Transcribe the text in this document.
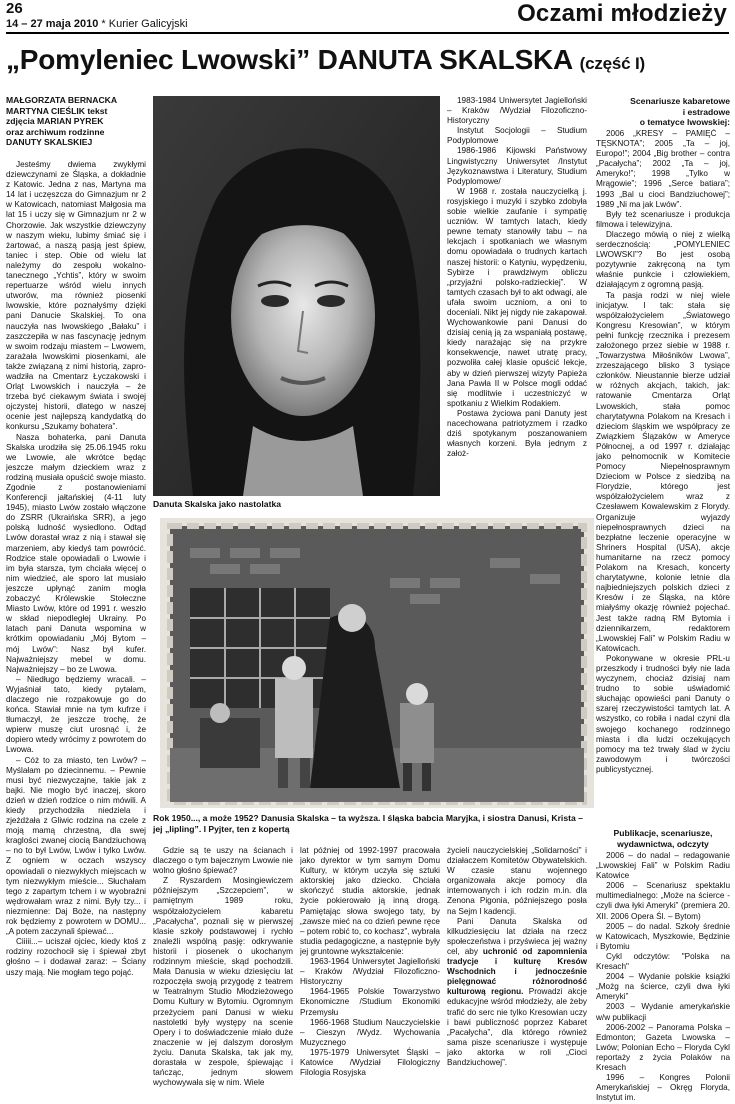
26
14 – 27 maja 2010 * Kurier Galicyjski	Oczami młodzieży
„Pomyleniec Lwowski” DANUTA SKALSKA (część I)
MAŁGORZATA BERNACKA
MARTYNA CIEŚLIK tekst
zdjęcia MARIAN PYREK
oraz archiwum rodzinne
DANUTY SKALSKIEJ

Jesteśmy dwiema zwykłymi dziewczynami ze Śląska, a dokładnie z Katowic. Jedna z nas, Martyna ma 14 lat i uczęszcza do Gimnazjum nr 2 w Katowicach, natomiast Małgosia ma lat 15 i uczy się w Gimnazjum nr 2 w Chorzowie. Jak wszystkie dziewczyny w naszym wieku, lubimy śmiać się i żartować, a naszą pasją jest śpiew, taniec i step. Obie od wielu lat należymy do zespołu wokalno-tanecznego „Ychtis”, który w swoim repertuarze wśród wielu innych utworów, ma również piosenki lwowskie, które poznałyśmy dzięki pani Danucie Skalskiej. To ona nauczyła nas lwowskiego „Bałaku” i zaszczepiła w nas fascynację jednym w swoim rodzaju miastem – Lwowem, zarażała lwowskimi piosenkami, ale także związaną z nimi historią, zaprowadziła na Cmentarz Łyczakowski i Orląt Lwowskich i nauczyła – że trzeba być ciekawym świata i swojej ojczystej historii, dlatego w naszej ocenie jest najlepszą kandydatką do konkursu „Szukamy bohatera”.

Nasza bohaterka, pani Danuta Skalska urodziła się 25.06.1945 roku we Lwowie, ale wkrótce będąc jeszcze małym dzieckiem wraz z rodziną musiała opuścić swoje miasto. Zgodnie z postanowieniami Konferencji jałtańskiej (4-11 luty 1945), miasto Lwów zostało włączone do ZSRR (Ukraińska SRR), a jego polską ludność wysiedlono. Odtąd Lwów dorastał wraz z nią i stawał się marzeniem, aby kiedyś tam powrócić. Rodzice stale opowiadali o Lwowie i im była starsza, tym chciała więcej o nim wiedzieć, ale sporo lat musiało jeszcze upłynąć zanim mogła zobaczyć Królewskie Stołeczne Miasto Lwów, które od 1991 r. weszło w skład niepodległej Ukrainy. Po latach pani Danuta wspomina w krótkim opowiadaniu „Mój Bytom – mój Lwów”: Nasz był kufer. Najważniejszy mebel w domu. Najważniejszy – bo ze Lwowa.

– Niedługo będziemy wracali. – Wyjaśniał tato, kiedy pytałam, dlaczego nie rozpakowuje go do końca. Stawiał mnie na tym kufrze i tłumaczył, że jeszcze trochę, że wpierw muszę ciut urosnąć i, że dopiero wtedy wrócimy z powrotem do Lwowa.

– Cóż to za miasto, ten Lwów? – Myślałam po dziecinnemu. – Pewnie musi być niezwyczajne, takie jak z bajki. Nie mogło być inaczej, skoro dzień w dzień rodzice o nim mówili. A kiedy przychodziła niedziela i zjeżdżała z Gliwic rodzina na czele z moją mamą chrzestną, dla swej kraglości zwanej ciocią Bandziuchową – no to był Lwów, Lwów i tylko Lwów. Z ogniem w oczach wszyscy opowiadali o niezwykłych miejscach w tym niezwykłym mieście... Słuchałam tego z zapartym tchem i w wyobraźni wędrowałam wraz z nimi. Były tzy... i niezmienne: Daj Boże, na następny rok będziemy z powrotem w DOMU... „A potem zaczynali śpiewać...

Ciiiii...– uciszał ojciec, kiedy ktoś z rodziny rozochocił się i śpiewał zbyt głośno – i dodawał zaraz: – Ściany uszy mają. Nie mogłam tego pojąć.

Danuta Skalska jako nastolatka

1983-1984 Uniwersytet Jagielloński – Kraków /Wydział Filozoficzno-Historyczny

Instytut Socjologii – Studium Podyplomowe

1986-1986 Kijowski Państwowy Lingwistyczny Uniwersytet /Instytut Językoznawstwa i Literatury, Studium Podyplomowe/

W 1968 r. została nauczycielką j. rosyjskiego i muzyki i szybko zdobyła sobie wielkie zaufanie i sympatię uczniów. W tamtych latach, kiedy pewne tematy stanowiły tabu – na lekcjach i spotkaniach we własnym domu opowiadała o trudnych kartach naszej historii: o Katyniu, wypędzeniu, Sybirze i prawdziwym obliczu „przyjaźni polsko-radzieckiej”. W tamtych czasach był to akt odwagi, ale ufała swoim uczniom, a oni to doceniali. Nikt jej nigdy nie zakapował. Wychowankowie pani Danusi do dzisiaj cenią ją za wspaniałą postawę, kiedy narażając się na przykre konsekwencje, nawet utratę pracy, pozwoliła całej klasie opuścić lekcje, aby w dzień pierwszej wizyty Papieża Jana Pawła II w Polsce mogli oddać się modlitwie i uczestniczyć w spotkaniu z Wielkim Rodakiem.

Postawa życiowa pani Danuty jest nacechowana patriotyzmem i rzadko dziś spotykanym poszanowaniem własnych korzeni. Była jednym z założ-

Scenariusze kabaretowe
i estradowe
o tematyce lwowskiej:

2006 „KRESY – PAMIĘĆ – TĘSKNOTA”; 2005 „Ta – joj, Europo!”; 2004 „Big brother – contra „Pacałycha”; 2002 „Ta – joj, Ameryko!”; 1998 „Tylko w Mrągowie”; 1996 „Serce batiara”; 1993 „Bal u cioci Bandziuchowej”; 1989 „Ni ma jak Lwów”.

Były też scenariusze i produkcja filmowa i telewizyjna.

Dlaczego mówią o niej z wielką serdecznością: „POMYLENIEC LWOWSKI”? Bo jest osobą pozytywnie zakręconą na tym właśnie punkcie i człowiekiem, działającym z ogromną pasją.

Ta pasja rodzi w niej wiele inicjatyw. I tak: stała się współzałożycielem „Światowego Kongresu Kresowian”, w którym pełni funkcję rzecznika i prezesem założonego przez siebie w 1988 r. „Towarzystwa Miłośników Lwowa”, zrzeszającego blisko 3 tysiące członków. Nieustannie bierze udział w różnych akcjach, takich, jak: ratowanie Cmentarza Orląt Lwowskich, stała pomoc charytatywna Polakom na Kresach i dzieciom śląskim we współpracy ze Związkiem Ślązaków w Ameryce Północnej, a od 1997 r. działając jako pełnomocnik w Komitecie Pomocy Niepełnosprawnym Dzieciom w Polsce z siedzibą na Florydzie, którego jest współzałożycielem wraz z Czesławem Kowalewskim z Florydy. Organizuje wyjazdy niepełnosprawnych dzieci na bezpłatne leczenie operacyjne w Shriners Hospital (USA), akcje humanitarne na rzecz pomocy Polakom na Kresach, koncerty charytatywne, kolonie letnie dla najbiedniejszych polskich dzieci z Kresów i ze Śląska, na które miałyśmy okazję również pojechać. Jest także radną RM Bytomia i dziennikarzem, redaktorem „Lwowskiej Fali” w Polskim Radiu w Katowicach.

Pokonywane w okresie PRL-u przeszkody i trudności były nie lada wyczynem, chociaż dzisiaj nam trudno to sobie uświadomić słuchając opowieści pani Danuty o szarej rzeczywistości tamtych lat. A wszystko, co robiła i nadal czyni dla swojego kochanego rodzinnego miasta i dla ludzi oczekujących pomocy ma też trwały ślad w życiu zawodowym i twórczości publicystycznej.

Rok 1950..., a może 1952? Danusia Skalska – ta wyższa. I śląska babcia Maryjka, i siostra Danusi, Krista – jej „lipling”. I Pyjter, ten z kopertą

Gdzie są te uszy na ścianach i dlaczego o tym bajecznym Lwowie nie wolno głośno śpiewać?

Z Ryszardem Mosingiewiczem późniejszym „Szczepciem”, w pamiętnym 1989 roku, współzałożycielem kabaretu „Pacałycha”, poznali się w pierwszej klasie szkoły podstawowej i rychło znaleźli wspólną pasję: odkrywanie historii i piosenek o ukochanym rodzinnym mieście, skąd pochodzili. Mała Danusia w wieku dziesięciu lat rozpoczęła swoją przygodę z teatrem w Teatralnym Studio Młodzieżowego Domu Kultury w Bytomiu. Ogromnym przeżyciem pani Danusi w wieku nastoletki były występy na scenie Opery i to doświadczenie miało duże znaczenie w jej dalszym dorosłym życiu. Danuta Skalska, tak jak my, dorastała w zespole, śpiewając i tańcząc, jednym słowem wychowywała się w nim. Wiele

lat później od 1992-1997 pracowała jako dyrektor w tym samym Domu Kultury, w którym uczyła się sztuki aktorskiej jako dziecko. Chciała skończyć studia aktorskie, jednak życie pokierowało ją inną drogą. Pamiętając słowa swojego taty, by „zawsze mieć na co dzień pewne ręce – potem robić to, co kochasz”, wybrała studia pedagogiczne, a następnie były jej gruntowne wykształcenie:

1963-1964 Uniwersytet Jagielloński – Kraków /Wydział Filozoficzno-Historyczny

1964-1965 Polskie Towarzystwo Ekonomiczne /Studium Ekonomiki Przemysłu

1966-1968 Studium Nauczycielskie – Cieszyn /Wydz. Wychowania Muzycznego

1975-1979 Uniwersytet Śląski – Katowice /Wydział Filologiczny Filologia Rosyjska

życieli nauczycielskiej „Solidarności” i działaczem Komitetów Obywatelskich. W czasie stanu wojennego organizowała akcje pomocy dla internowanych i ich rodzin m.in. dla Zenona Pigonia, późniejszego posła na Sejm I kadencji.

Pani Danuta Skalska od kilkudziesięciu lat działa na rzecz społeczeństwa i przyświeca jej ważny cel, aby uchronić od zapomnienia tradycje i kulturę Kresów Wschodnich i jednocześnie pielęgnować różnorodność kulturową regionu. Prowadzi akcje edukacyjne wśród młodzieży, ale żeby trafić do serc nie tylko Kresowian uczy i bawi publiczność poprzez Kabaret „Pacałycha”, dla którego również sama pisze scenariusze i występuje jako aktorka w roli „Cioci Bandziuchowej”.

Publikacje, scenariusze,
wydawnictwa, odczyty

2006 – do nadal – redagowanie „Lwowskiej Fali” w Polskim Radiu Katowice

2006 – Scenariusz spektaklu multimedialnego: „Może na ścierce - czyli dwa łyki Ameryki” (premiera 20. XII. 2006 Opera Śl. – Bytom)

2005 – do nadal. Szkoły średnie w Katowicach, Myszkowie, Będzinie i Bytomiu

Cykl odczytów: "Polska na Kresach"

2004 – Wydanie polskie książki „Możg na ścierce, czyli dwa łyki Ameryki”

2003 – Wydanie amerykańskie w/w publikacji

2006-2002 – Panorama Polska – Edmonton; Gazeta Lwowska – Lwów; Polonian Echo – Floryda Cykl reportaży z życia Polaków na Kresach

1996 – Kongres Polonii Amerykańskiej – Okręg Floryda, Instytut im.
